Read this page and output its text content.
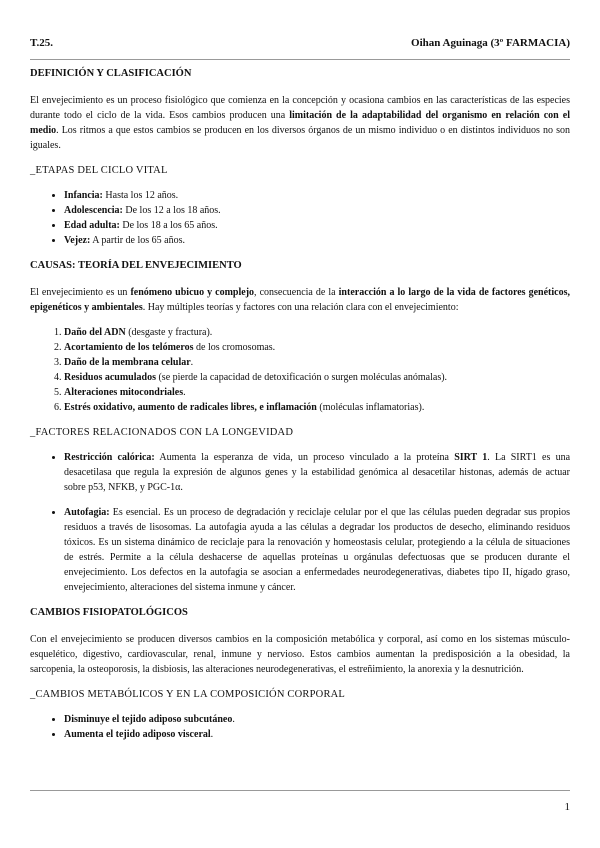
T.25.	Oihan Aguinaga (3º FARMACIA)
DEFINICIÓN Y CLASIFICACIÓN

El envejecimiento es un proceso fisiológico que comienza en la concepción y ocasiona cambios en las características de las especies durante todo el ciclo de la vida. Esos cambios producen una limitación de la adaptabilidad del organismo en relación con el medio. Los ritmos a que estos cambios se producen en los diversos órganos de un mismo individuo o en distintos individuos no son iguales.

_ETAPAS DEL CICLO VITAL
• Infancia: Hasta los 12 años.
• Adolescencia: De los 12 a los 18 años.
• Edad adulta: De los 18 a los 65 años.
• Vejez: A partir de los 65 años.
CAUSAS: TEORÍA DEL ENVEJECIMIENTO

El envejecimiento es un fenómeno ubicuo y complejo, consecuencia de la interacción a lo largo de la vida de factores genéticos, epigenéticos y ambientales. Hay múltiples teorías y factores con una relación clara con el envejecimiento:

1. Daño del ADN (desgaste y fractura).
2. Acortamiento de los telómeros de los cromosomas.
3. Daño de la membrana celular.
4. Residuos acumulados (se pierde la capacidad de detoxificación o surgen moléculas anómalas).
5. Alteraciones mitocondriales.
6. Estrés oxidativo, aumento de radicales libres, e inflamación (moléculas inflamatorias).
_FACTORES RELACIONADOS CON LA LONGEVIDAD
• Restricción calórica: Aumenta la esperanza de vida, un proceso vinculado a la proteína SIRT 1. La SIRT1 es una desacetilasa que regula la expresión de algunos genes y la estabilidad genómica al desacetilar histonas, además de actuar sobre p53, NFKB, y PGC-1α.
• Autofagia: Es esencial. Es un proceso de degradación y reciclaje celular por el que las células pueden degradar sus propios residuos a través de lisosomas. La autofagia ayuda a las células a degradar los productos de desecho, eliminando residuos tóxicos. Es un sistema dinámico de reciclaje para la renovación y homeostasis celular, protegiendo a la célula de situaciones de estrés. Permite a la célula deshacerse de aquellas proteínas u orgánulas defectuosas que se producen durante el envejecimiento. Los defectos en la autofagia se asocian a enfermedades neurodegenerativas, diabetes tipo II, hígado graso, envejecimiento, alteraciones del sistema inmune y cáncer.
CAMBIOS FISIOPATOLÓGICOS

Con el envejecimiento se producen diversos cambios en la composición metabólica y corporal, así como en los sistemas músculo-esquelético, digestivo, cardiovascular, renal, inmune y nervioso. Estos cambios aumentan la predisposición a la obesidad, la sarcopenia, la osteoporosis, la disbiosis, las alteraciones neurodegenerativas, el estreñimiento, la anorexia y la desnutrición.

_CAMBIOS METABÓLICOS Y EN LA COMPOSICIÓN CORPORAL
• Disminuye el tejido adiposo subcutáneo.
• Aumenta el tejido adiposo visceral.
1
